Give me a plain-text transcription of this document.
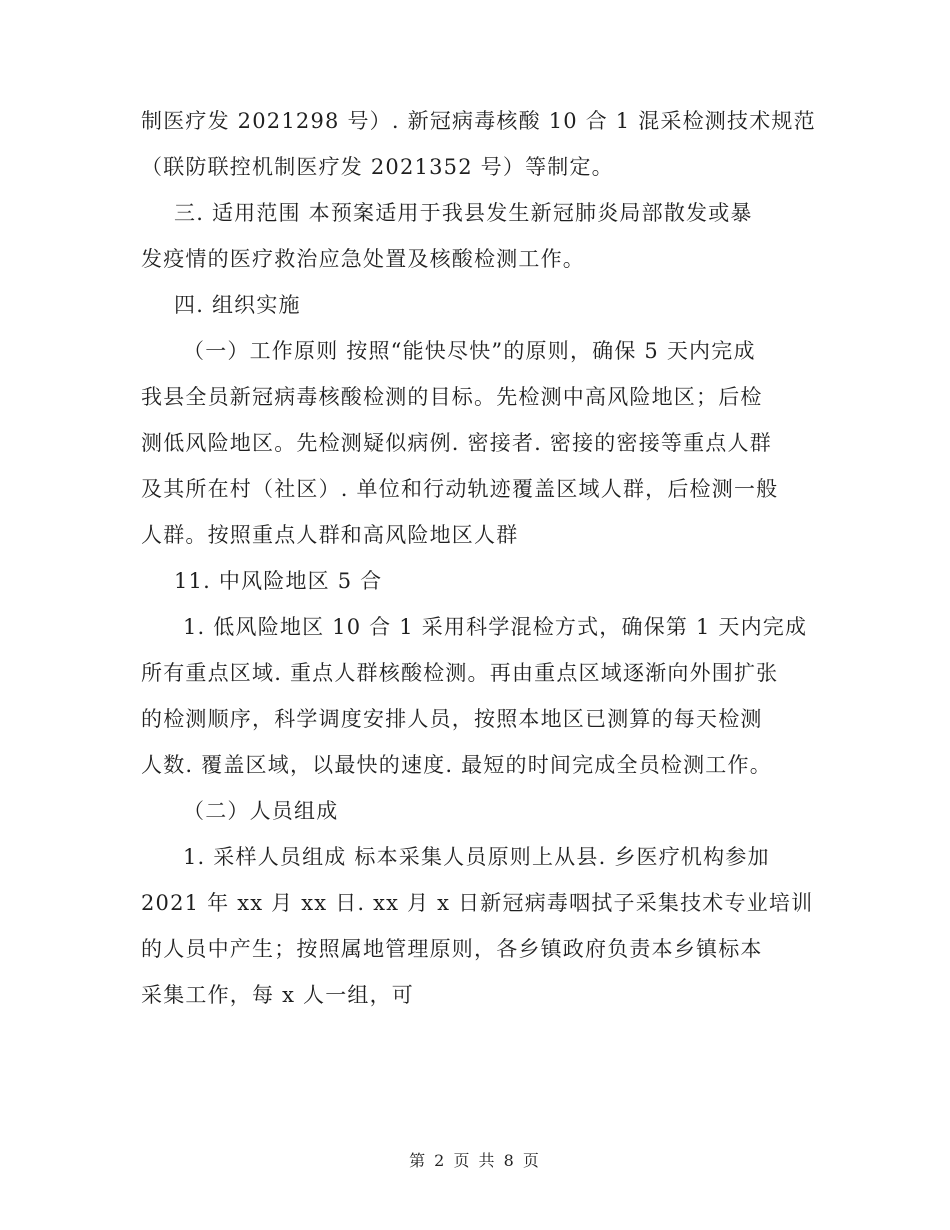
制医疗发 2021298 号）. 新冠病毒核酸 10 合 1 混采检测技术规范
（联防联控机制医疗发 2021352 号）等制定。

三. 适用范围 本预案适用于我县发生新冠肺炎局部散发或暴
发疫情的医疗救治应急处置及核酸检测工作。

四. 组织实施

（一）工作原则 按照“能快尽快”的原则，确保 5 天内完成
我县全员新冠病毒核酸检测的目标。先检测中高风险地区；后检
测低风险地区。先检测疑似病例. 密接者. 密接的密接等重点人群
及其所在村（社区）. 单位和行动轨迹覆盖区域人群，后检测一般
人群。按照重点人群和高风险地区人群

11. 中风险地区 5 合

1. 低风险地区 10 合 1 采用科学混检方式，确保第 1 天内完成
所有重点区域. 重点人群核酸检测。再由重点区域逐渐向外围扩张
的检测顺序，科学调度安排人员，按照本地区已测算的每天检测
人数. 覆盖区域，以最快的速度. 最短的时间完成全员检测工作。

（二）人员组成

1. 采样人员组成 标本采集人员原则上从县. 乡医疗机构参加
2021 年 xx 月 xx 日. xx 月 x 日新冠病毒咽拭子采集技术专业培训
的人员中产生；按照属地管理原则，各乡镇政府负责本乡镇标本
采集工作，每 x 人一组，可

第 2 页 共 8 页
